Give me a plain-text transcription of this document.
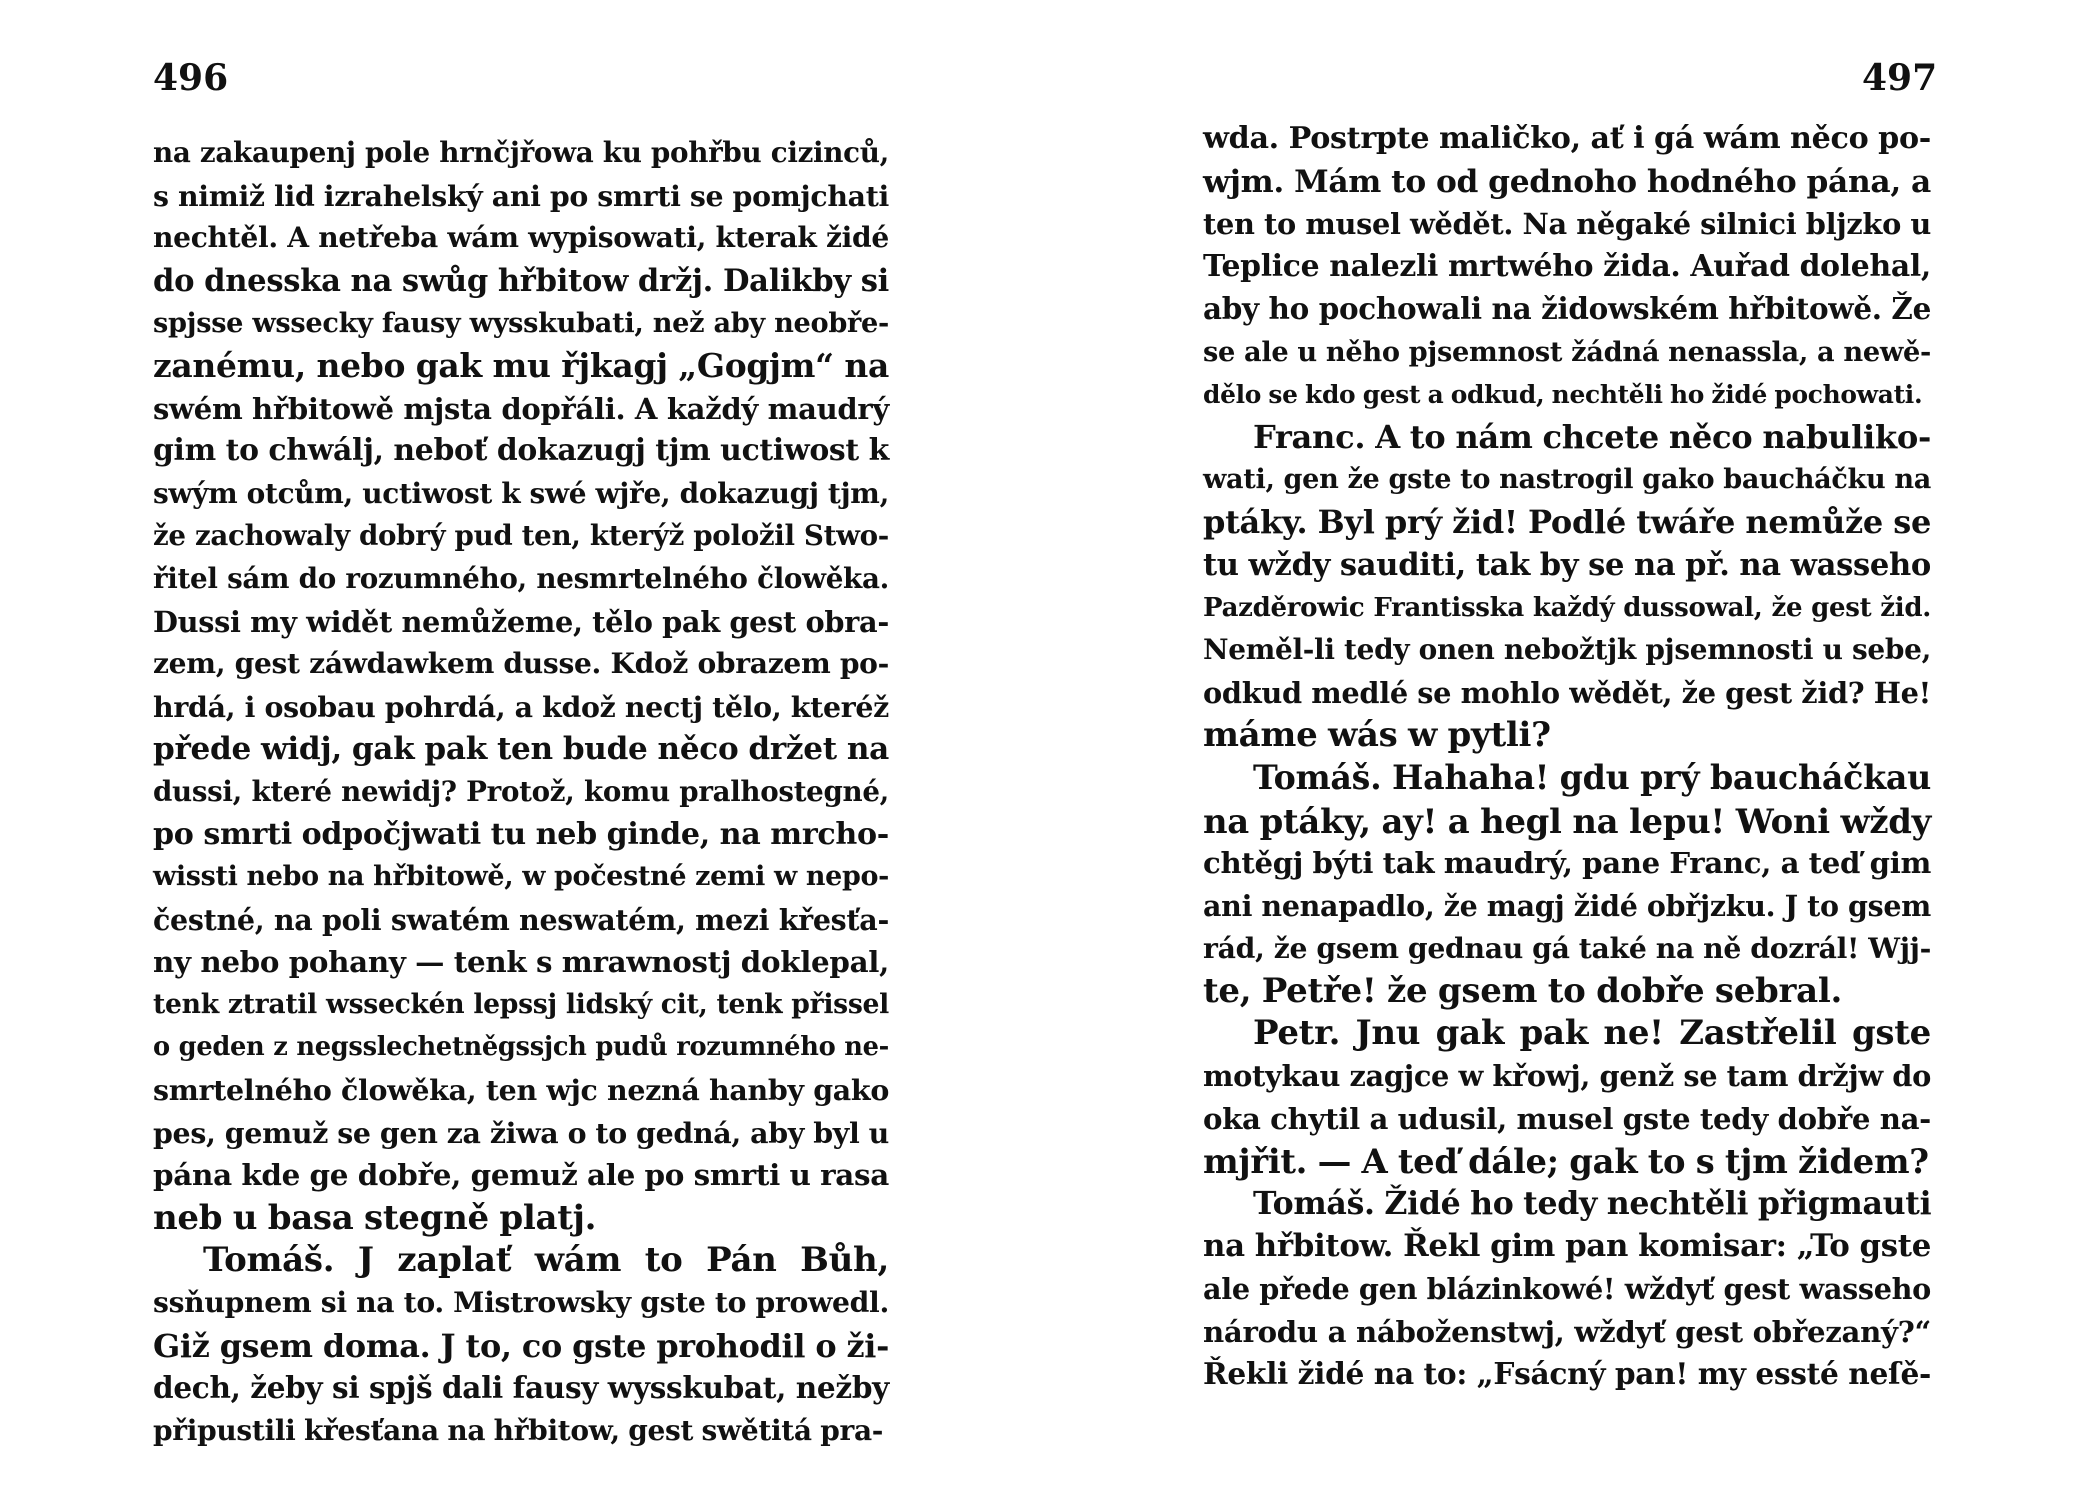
496
na zakaupenj pole hrnčjřowa ku pohřbu cizinců,
s nimiž lid izrahelský ani po smrti se pomjchati
nechtěl. A netřeba wám wypisowati, kterak židé
do dnesska na swůg hřbitow držj. Dalikby si
spjsse wssecky fausy wysskubati, než aby neobře-
zanému, nebo gak mu řjkagj „Gogjm“ na
swém hřbitowě mjsta dopřáli. A každý maudrý
gim to chwálj, neboť dokazugj tjm uctiwost k
swým otcům, uctiwost k swé wjře, dokazugj tjm,
že zachowaly dobrý pud ten, kterýž položil Stwo-
řitel sám do rozumného, nesmrtelného člowěka.
Dussi my widět nemůžeme, tělo pak gest obra-
zem, gest záwdawkem dusse. Kdož obrazem po-
hrdá, i osobau pohrdá, a kdož nectj tělo, kteréž
přede widj, gak pak ten bude něco držet na
dussi, které newidj? Protož, komu pralhostegné,
po smrti odpočjwati tu neb ginde, na mrcho-
wissti nebo na hřbitowě, w počestné zemi w nepo-
čestné, na poli swatém neswatém, mezi křesťa-
ny nebo pohany — tenk s mrawnostj doklepal,
tenk ztratil wsseckén lepssj lidský cit, tenk přissel
o geden z negsslechetněgssjch pudů rozumného ne-
smrtelného člowěka, ten wjc nezná hanby gako
pes, gemuž se gen za žiwa o to gedná, aby byl u
pána kde ge dobře, gemuž ale po smrti u rasa
neb u basa stegně platj.
Tomáš. J zaplať wám to Pán Bůh,
ssňupnem si na to. Mistrowsky gste to prowedl.
Giž gsem doma. J to, co gste prohodil o ži-
dech, žeby si spjš dali fausy wysskubat, nežby
připustili křesťana na hřbitow, gest swětitá pra-
497
wda. Postrpte maličko, ať i gá wám něco po-
wjm. Mám to od gednoho hodného pána, a
ten to musel wědět. Na něgaké silnici blјzko u
Teplice nalezli mrtwého žida. Auřad dolehal,
aby ho pochowali na židowském hřbitowě. Že
se ale u něho pjsemnost žádná nenassla, a newě-
dělo se kdo gest a odkud, nechtěli ho židé pochowati.
Franc. A to nám chcete něco nabulikо-
wati, gen že gste to nastrogil gako baucháčku na
ptáky. Byl prý žid! Podlé twáře nemůže se
tu wždy sauditi, tak by se na př. na wasseho
Pazděrowic Frantisska každý dussowal, že gest žid.
Neměl-li tedy onen nebožtjk pjsemnosti u sebe,
odkud medlé se mohlo wědět, že gest žid? He!
máme wás w pytli?
Tomáš. Hahaha! gdu prý baucháčkau
na ptáky, ay! a hegl na lepu! Woni wždy
chtěgj býti tak maudrý, pane Franc, a teď gim
ani nenapadlo, že magj židé obřjzku. J to gsem
rád, že gsem gednau gá také na ně dozrál! Wjj-
te, Petře! že gsem to dobře sebral.
Petr. Jnu gak pak ne! Zastřelil gste
motykau zagjce w křowj, genž se tam držjw do
oka chytil a udusil, musel gste tedy dobře na-
mjřit. — A teď dále; gak to s tjm židem?
Tomáš. Židé ho tedy nechtěli přigmauti
na hřbitow. Řekl gim pan komisar: „To gste
ale přede gen blázinkowé! wždyť gest wasseho
národu a náboženstwj, wždyť gest obřezaný?“
Řekli židé na to: „Fsácný pan! my essté neſě-
